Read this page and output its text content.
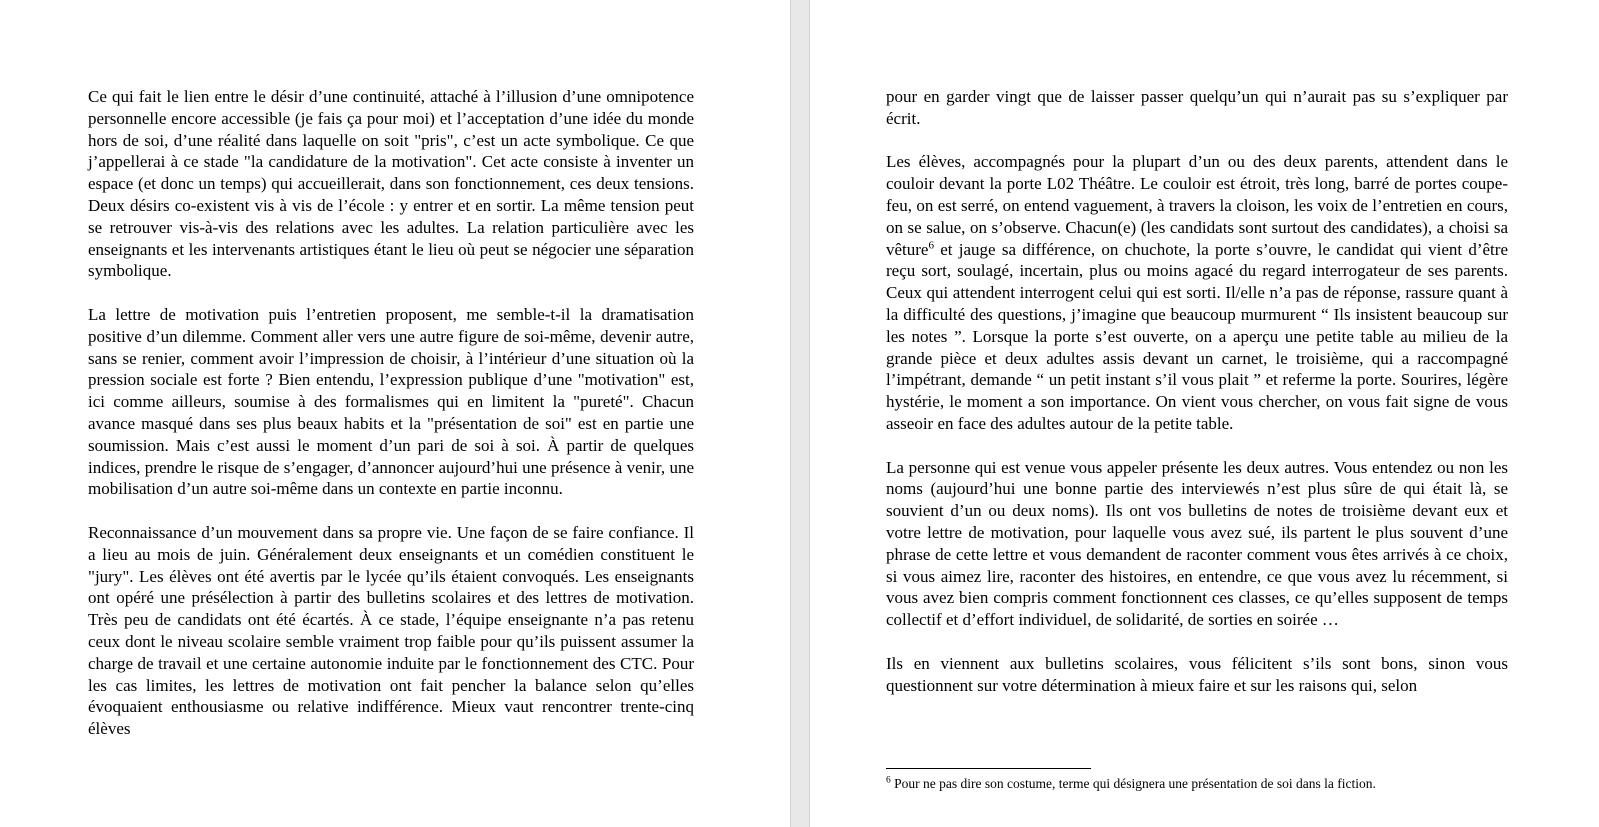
Ce qui fait le lien entre le désir d’une continuité, attaché à l’illusion d’une omnipotence personnelle encore accessible (je fais ça pour moi) et l’acceptation d’une idée du monde hors de soi, d’une réalité dans laquelle on soit "pris", c’est un acte symbolique. Ce que j’appellerai à ce stade "la candidature de la motivation". Cet acte consiste à inventer un espace (et donc un temps) qui accueillerait, dans son fonctionnement, ces deux tensions. Deux désirs co-existent vis à vis de l’école : y entrer et en sortir. La même tension peut se retrouver vis-à-vis des relations avec les adultes. La relation particulière avec les enseignants et les intervenants artistiques étant le lieu où peut se négocier une séparation symbolique.

La lettre de motivation puis l’entretien proposent, me semble-t-il la dramatisation positive d’un dilemme. Comment aller vers une autre figure de soi-même, devenir autre, sans se renier, comment avoir l’impression de choisir, à l’intérieur d’une situation où la pression sociale est forte ? Bien entendu, l’expression publique d’une "motivation" est, ici comme ailleurs, soumise à des formalismes qui en limitent la "pureté". Chacun avance masqué dans ses plus beaux habits et la "présentation de soi" est en partie une soumission. Mais c’est aussi le moment d’un pari de soi à soi. À partir de quelques indices, prendre le risque de s’engager, d’annoncer aujourd’hui une présence à venir, une mobilisation d’un autre soi-même dans un contexte en partie inconnu.

Reconnaissance d’un mouvement dans sa propre vie. Une façon de se faire confiance. Il a lieu au mois de juin. Généralement deux enseignants et un comédien constituent le "jury". Les élèves ont été avertis par le lycée qu’ils étaient convoqués. Les enseignants ont opéré une présélection à partir des bulletins scolaires et des lettres de motivation. Très peu de candidats ont été écartés. À ce stade, l’équipe enseignante n’a pas retenu ceux dont le niveau scolaire semble vraiment trop faible pour qu’ils puissent assumer la charge de travail et une certaine autonomie induite par le fonctionnement des CTC. Pour les cas limites, les lettres de motivation ont fait pencher la balance selon qu’elles évoquaient enthousiasme ou relative indifférence. Mieux vaut rencontrer trente-cinq élèves

pour en garder vingt que de laisser passer quelqu’un qui n’aurait pas su s’expliquer par écrit.

Les élèves, accompagnés pour la plupart d’un ou des deux parents, attendent dans le couloir devant la porte L02 Théâtre. Le couloir est étroit, très long, barré de portes coupe-feu, on est serré, on entend vaguement, à travers la cloison, les voix de l’entretien en cours, on se salue, on s’observe. Chacun(e) (les candidats sont surtout des candidates), a choisi sa vêture$^6$ et jauge sa différence, on chuchote, la porte s’ouvre, le candidat qui vient d’être reçu sort, soulagé, incertain, plus ou moins agacé du regard interrogateur de ses parents. Ceux qui attendent interrogent celui qui est sorti. Il/elle n’a pas de réponse, rassure quant à la difficulté des questions, j’imagine que beaucoup murmurent “ Ils insistent beaucoup sur les notes ”. Lorsque la porte s’est ouverte, on a aperçu une petite table au milieu de la grande pièce et deux adultes assis devant un carnet, le troisième, qui a raccompagné l’impétrant, demande “ un petit instant s’il vous plait ” et referme la porte. Sourires, légère hystérie, le moment a son importance. On vient vous chercher, on vous fait signe de vous asseoir en face des adultes autour de la petite table.

La personne qui est venue vous appeler présente les deux autres. Vous entendez ou non les noms (aujourd’hui une bonne partie des interviewés n’est plus sûre de qui était là, se souvient d’un ou deux noms). Ils ont vos bulletins de notes de troisième devant eux et votre lettre de motivation, pour laquelle vous avez sué, ils partent le plus souvent d’une phrase de cette lettre et vous demandent de raconter comment vous êtes arrivés à ce choix, si vous aimez lire, raconter des histoires, en entendre, ce que vous avez lu récemment, si vous avez bien compris comment fonctionnent ces classes, ce qu’elles supposent de temps collectif et d’effort individuel, de solidarité, de sorties en soirée …

Ils en viennent aux bulletins scolaires, vous félicitent s’ils sont bons, sinon vous questionnent sur votre détermination à mieux faire et sur les raisons qui, selon

$^6$ Pour ne pas dire son costume, terme qui désignera une présentation de soi dans la fiction.
